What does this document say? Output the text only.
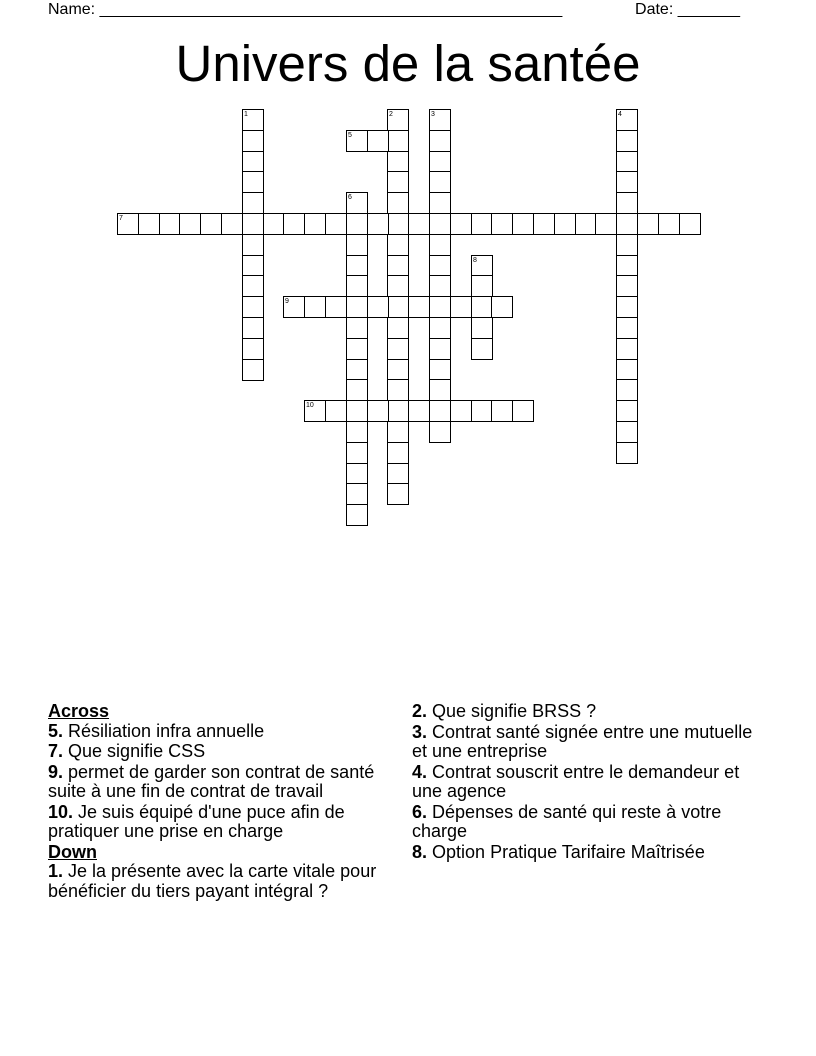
Name: ____________________________________________________	Date: _______
Univers de la santée
1	2	3	4
5
6
7
8
9
10

Across

5. Résiliation infra annuelle

7. Que signifie CSS

9. permet de garder son contrat de santé suite à une fin de contrat de travail

10. Je suis équipé d'une puce afin de pratiquer une prise en charge

Down

1. Je la présente avec la carte vitale pour bénéficier du tiers payant intégral ?

2. Que signifie BRSS ?

3. Contrat santé signée entre une mutuelle et une entreprise

4. Contrat souscrit entre le demandeur et une agence

6. Dépenses de santé qui reste à votre charge

8. Option Pratique Tarifaire Maîtrisée
